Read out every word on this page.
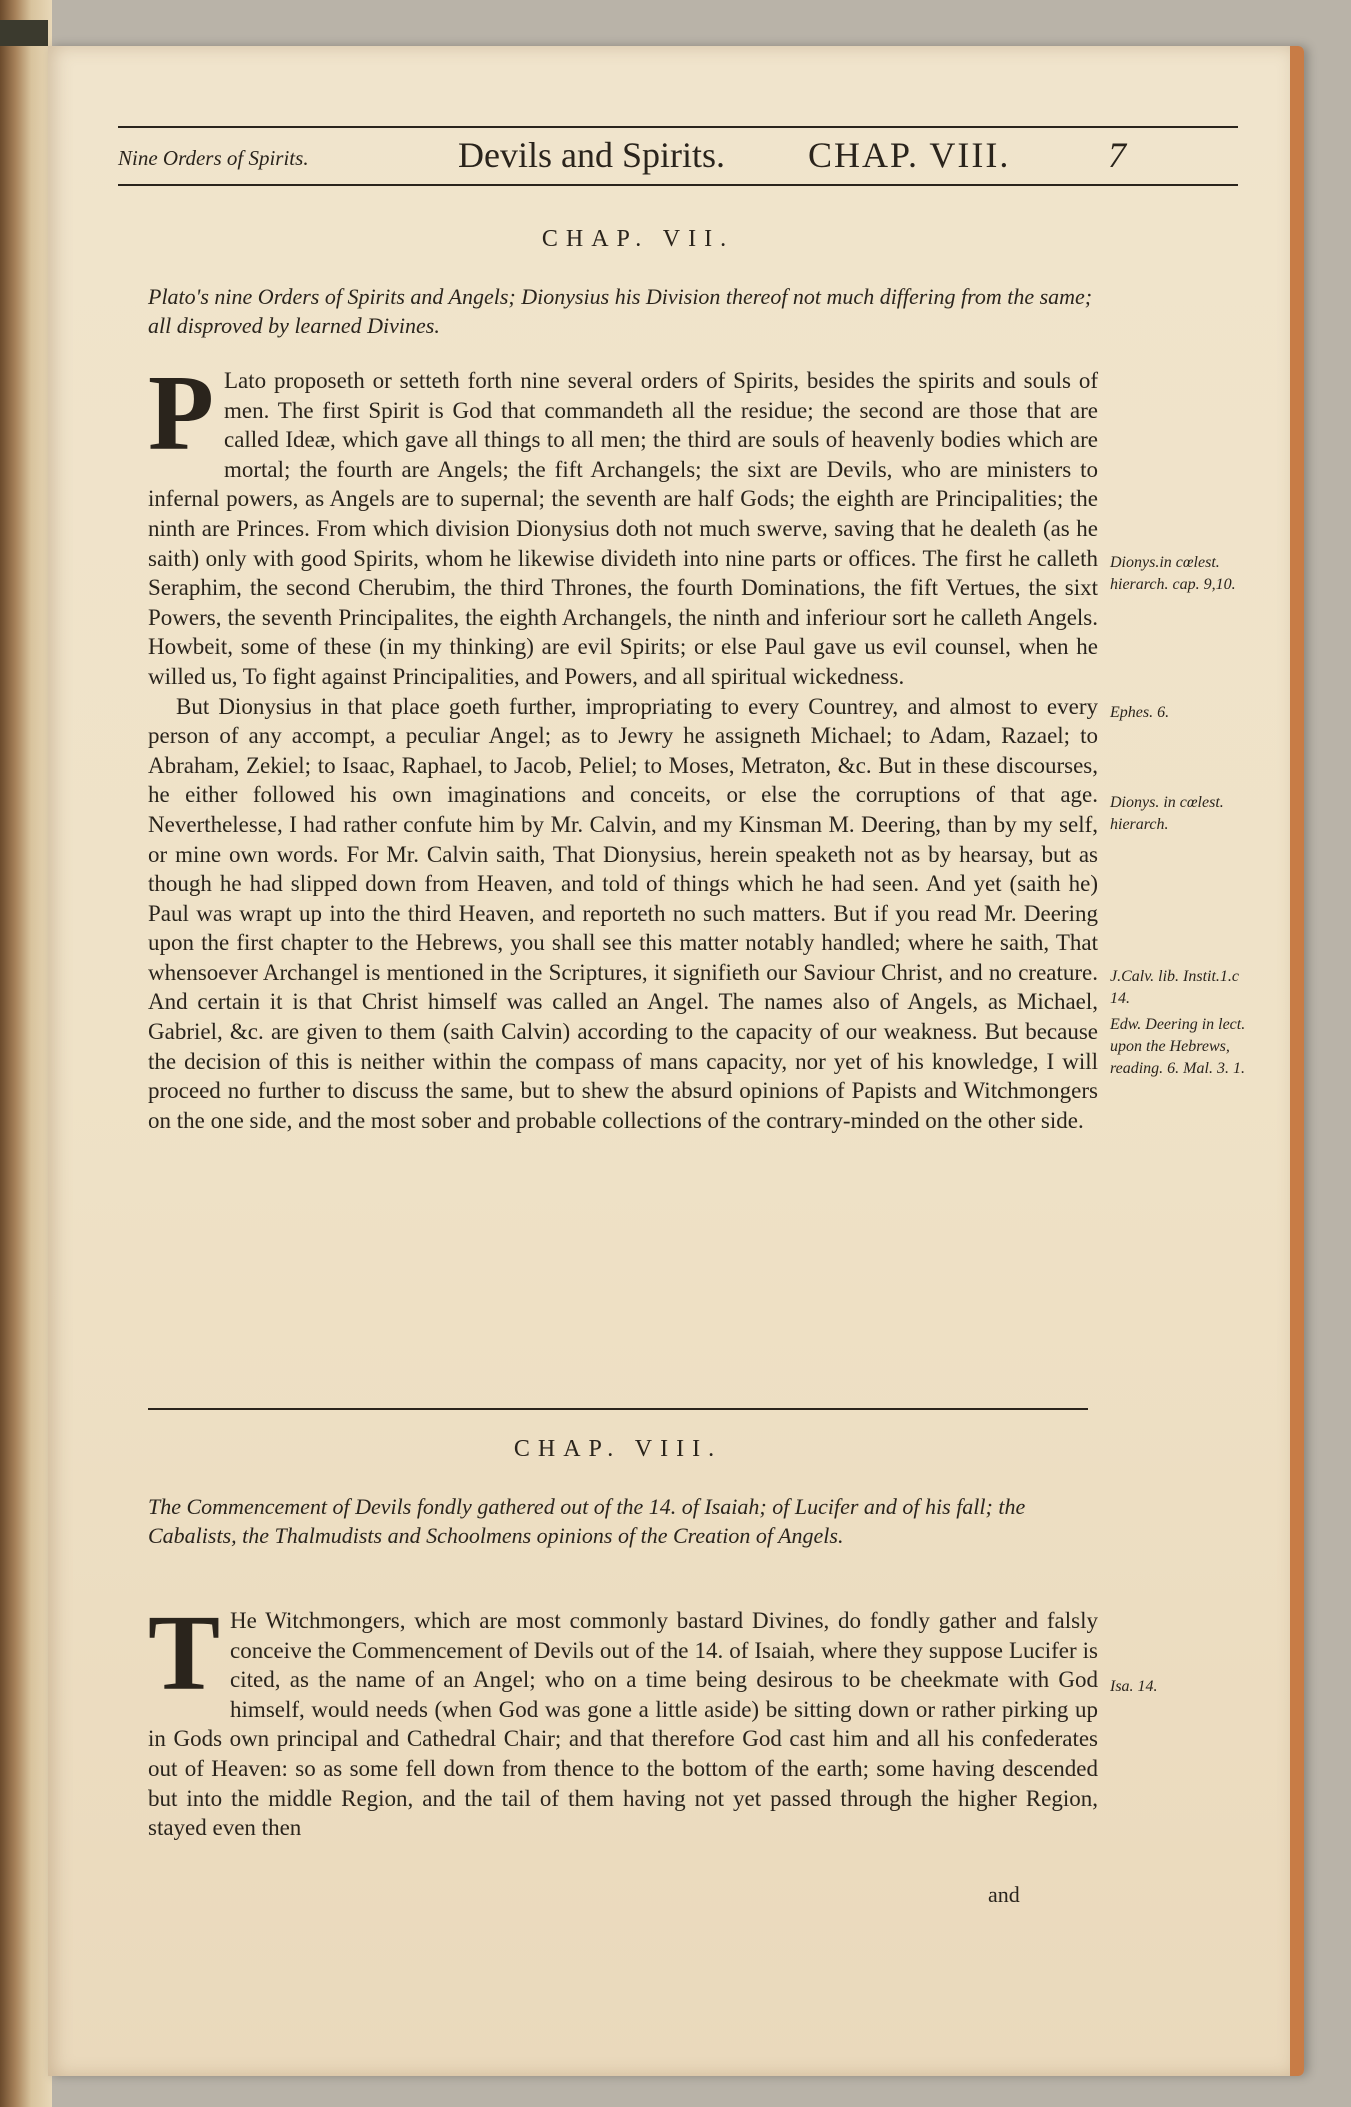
Nine Orders of Spirits.	Devils and Spirits. CHAP. VIII.	7
CHAP. VII.
Plato's nine Orders of Spirits and Angels; Dionysius his Division thereof not much differing from the same; all disproved by learned Divines.
P Lato proposeth or setteth forth nine several orders of Spirits, besides the spirits and souls of men. The first Spirit is God that commandeth all the residue; the second are those that are called Ideæ, which gave all things to all men; the third are souls of heavenly bodies which are mortal; the fourth are Angels; the fift Archangels; the sixt are Devils, who are ministers to infernal powers, as Angels are to supernal; the seventh are half Gods; the eighth are Principalities; the ninth are Princes. From which division Dionysius doth not much swerve, saving that he dealeth (as he saith) only with good Spirits, whom he likewise divideth into nine parts or offices. The first he calleth Seraphim, the second Cherubim, the third Thrones, the fourth Dominations, the fift Vertues, the sixt Powers, the seventh Principalites, the eighth Archangels, the ninth and inferiour sort he calleth Angels. Howbeit, some of these (in my thinking) are evil Spirits; or else Paul gave us evil counsel, when he willed us, To fight against Principalities, and Powers, and all spiritual wickedness.

But Dionysius in that place goeth further, impropriating to every Countrey, and almost to every person of any accompt, a peculiar Angel; as to Jewry he assigneth Michael; to Adam, Razael; to Abraham, Zekiel; to Isaac, Raphael, to Jacob, Peliel; to Moses, Metraton, &c. But in these discourses, he either followed his own imaginations and conceits, or else the corruptions of that age. Neverthelesse, I had rather confute him by Mr. Calvin, and my Kinsman M. Deering, than by my self, or mine own words. For Mr. Calvin saith, That Dionysius, herein speaketh not as by hearsay, but as though he had slipped down from Heaven, and told of things which he had seen. And yet (saith he) Paul was wrapt up into the third Heaven, and reporteth no such matters. But if you read Mr. Deering upon the first chapter to the Hebrews, you shall see this matter notably handled; where he saith, That whensoever Archangel is mentioned in the Scriptures, it signifieth our Saviour Christ, and no creature. And certain it is that Christ himself was called an Angel. The names also of Angels, as Michael, Gabriel, &c. are given to them (saith Calvin) according to the capacity of our weakness. But because the decision of this is neither within the compass of mans capacity, nor yet of his knowledge, I will proceed no further to discuss the same, but to shew the absurd opinions of Papists and Witchmongers on the one side, and the most sober and probable collections of the contrary-minded on the other side.

Dionys.in cœlest. hierarch. cap. 9,10.
Ephes. 6.
Dionys. in cœlest. hierarch.
J.Calv. lib. Instit.1.c 14.
Edw. Deering in lect. upon the Hebrews, reading. 6. Mal. 3. 1.
CHAP. VIII.
The Commencement of Devils fondly gathered out of the 14. of Isaiah; of Lucifer and of his fall; the Cabalists, the Thalmudists and Schoolmens opinions of the Creation of Angels.
T He Witchmongers, which are most commonly bastard Divines, do fondly gather and falsly conceive the Commencement of Devils out of the 14. of Isaiah, where they suppose Lucifer is cited, as the name of an Angel; who on a time being desirous to be cheekmate with God himself, would needs (when God was gone a little aside) be sitting down or rather pirking up in Gods own principal and Cathedral Chair; and that therefore God cast him and all his confederates out of Heaven: so as some fell down from thence to the bottom of the earth; some having descended but into the middle Region, and the tail of them having not yet passed through the higher Region, stayed even then

and
Isa. 14.
